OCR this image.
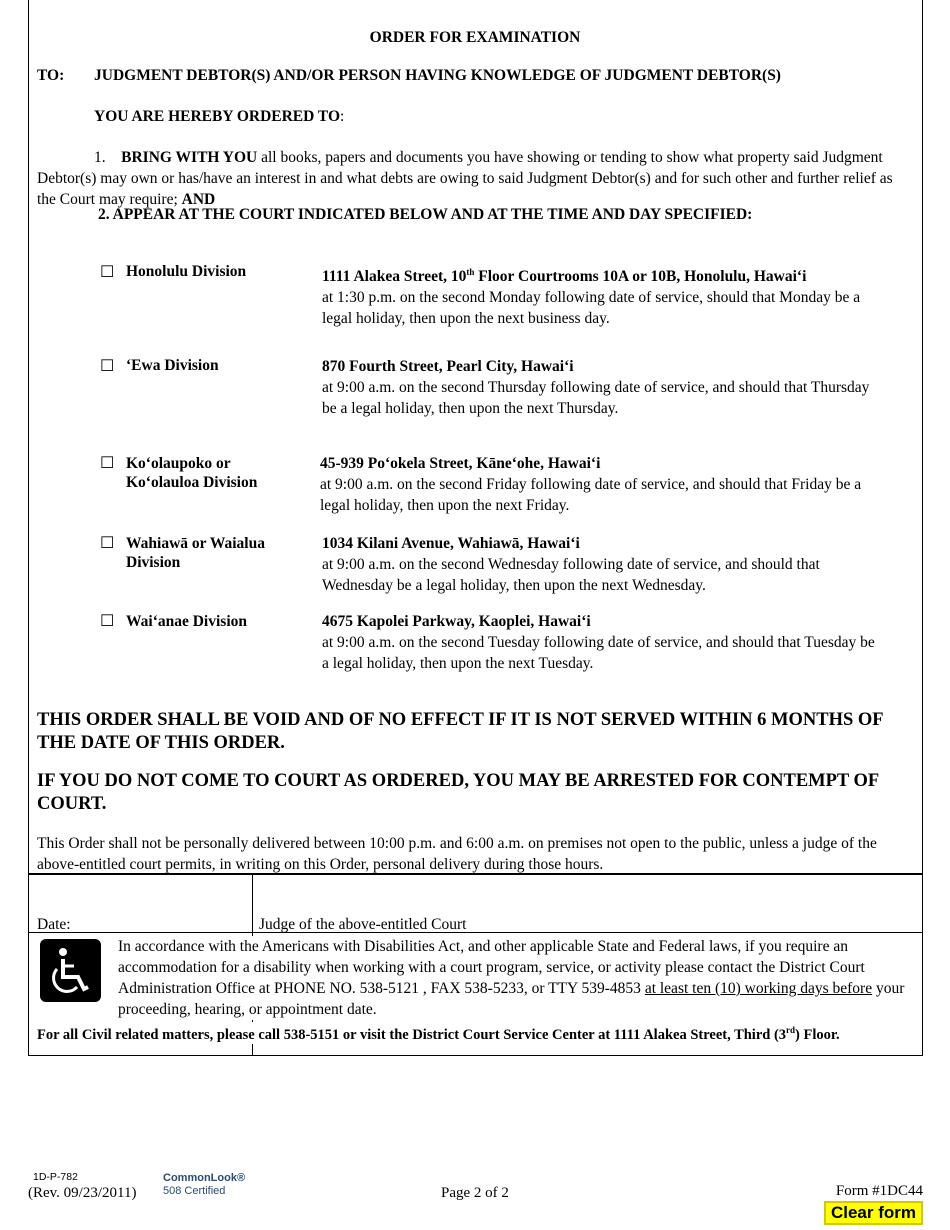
ORDER FOR EXAMINATION
TO: JUDGMENT DEBTOR(S) AND/OR PERSON HAVING KNOWLEDGE OF JUDGMENT DEBTOR(S)
YOU ARE HEREBY ORDERED TO:
1. BRING WITH YOU all books, papers and documents you have showing or tending to show what property said Judgment Debtor(s) may own or has/have an interest in and what debts are owing to said Judgment Debtor(s) and for such other and further relief as the Court may require; AND
2. APPEAR AT THE COURT INDICATED BELOW AND AT THE TIME AND DAY SPECIFIED:
☐ Honolulu Division	1111 Alakea Street, 10th Floor Courtrooms 10A or 10B, Honolulu, Hawaiʻi
at 1:30 p.m. on the second Monday following date of service, should that Monday be a legal holiday, then upon the next business day.
☐ ʻEwa Division	870 Fourth Street, Pearl City, Hawaiʻi
at 9:00 a.m. on the second Thursday following date of service, and should that Thursday be a legal holiday, then upon the next Thursday.
☐ Koʻolaupoko or Koʻolauloa Division
45-939 Poʻokela Street, Kāneʻohe, Hawaiʻi
at 9:00 a.m. on the second Friday following date of service, and should that Friday be a legal holiday, then upon the next Friday.
☐ Wahiawā or Waialua Division
1034 Kilani Avenue, Wahiawā, Hawaiʻi
at 9:00 a.m. on the second Wednesday following date of service, and should that Wednesday be a legal holiday, then upon the next Wednesday.
☐ Waiʻanae Division	4675 Kapolei Parkway, Kaoplei, Hawaiʻi
at 9:00 a.m. on the second Tuesday following date of service, and should that Tuesday be a legal holiday, then upon the next Tuesday.
THIS ORDER SHALL BE VOID AND OF NO EFFECT IF IT IS NOT SERVED WITHIN 6 MONTHS OF THE DATE OF THIS ORDER.
IF YOU DO NOT COME TO COURT AS ORDERED, YOU MAY BE ARRESTED FOR CONTEMPT OF COURT.
This Order shall not be personally delivered between 10:00 p.m. and 6:00 a.m. on premises not open to the public, unless a judge of the above-entitled court permits, in writing on this Order, personal delivery during those hours.
Date:	Judge of the above-entitled Court
In accordance with the Americans with Disabilities Act, and other applicable State and Federal laws, if you require an accommodation for a disability when working with a court program, service, or activity please contact the District Court Administration Office at PHONE NO. 538-5121 , FAX 538-5233, or TTY 539-4853 at least ten (10) working days before your proceeding, hearing, or appointment date.
For all Civil related matters, please call 538-5151 or visit the District Court Service Center at 1111 Alakea Street, Third (3rd) Floor.
1D-P-782
(Rev. 09/23/2011)
CommonLook®
508 Certified	Page 2 of 2	Form #1DC44
Clear form
